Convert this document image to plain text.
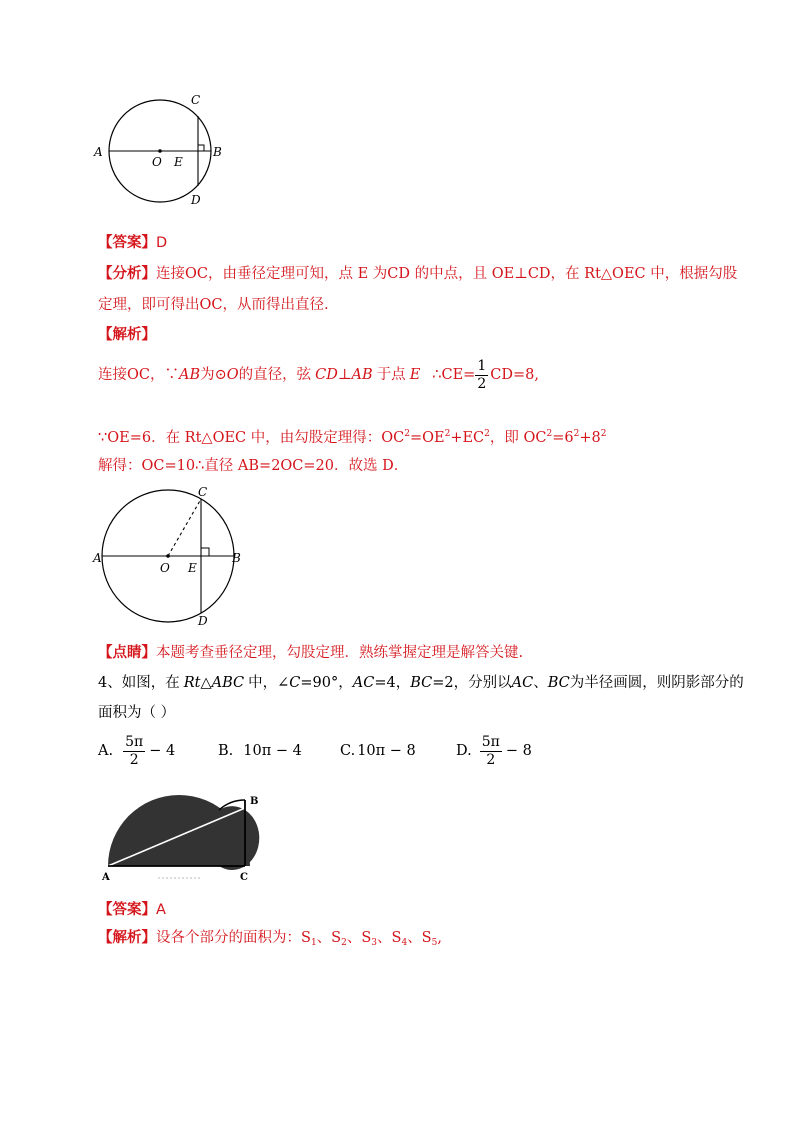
A	B
C
D
O E
【答案】D
【分析】连接OC，由垂径定理可知，点 E 为CD 的中点，且 OE⊥CD，在 Rt△OEC 中，根据勾股
定理，即可得出OC，从而得出直径.
【解析】
连接OC，∵ AB 为⊙ O 的直径，弦 CD ⊥ AB 于点 E ∴CE= $\frac{1}{2} CD=8$,
∵OE=6．在 Rt△OEC 中，由勾股定理得：$OC^2=OE^2+EC^2$，即 $OC^2=6^2+8^2$
解得：OC=10∴直径 AB=2OC=20．故选 D．
A	B
C
D
O E
【点睛】本题考查垂径定理，勾股定理．熟练掌握定理是解答关键.
4、如图，在 Rt△ABC 中，∠C=90°，AC=4，BC=2，分别以AC、BC为半径画圆，则阴影部分的
面积为（ ）
A. $\frac{5\pi}{2} - 4$	B. 10π − 4	C. 10π − 8	D. $\frac{5\pi}{2} - 8$
A	C
B
【答案】A
【解析】设各个部分的面积为：$S_1$、$S_2$、$S_3$、$S_4$、$S_5$,
